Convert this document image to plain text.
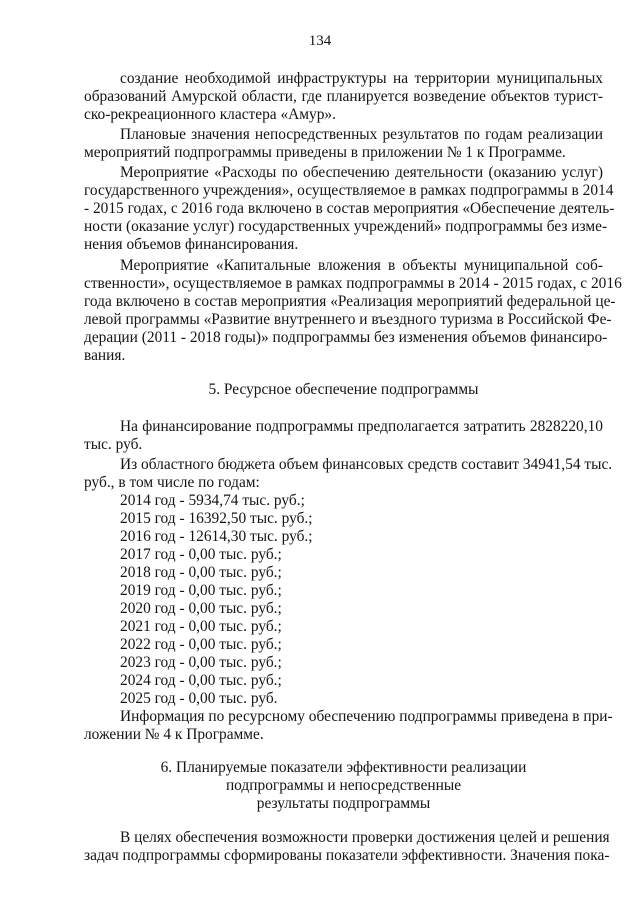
134
создание необходимой инфраструктуры на территории муниципальных
образований Амурской области, где планируется возведение объектов турист-
ско-рекреационного кластера «Амур».
Плановые значения непосредственных результатов по годам реализации
мероприятий подпрограммы приведены в приложении № 1 к Программе.
Мероприятие «Расходы по обеспечению деятельности (оказанию услуг)
государственного учреждения», осуществляемое в рамках подпрограммы в 2014
- 2015 годах, с 2016 года включено в состав мероприятия «Обеспечение деятель-
ности (оказание услуг) государственных учреждений» подпрограммы без изме-
нения объемов финансирования.
Мероприятие «Капитальные вложения в объекты муниципальной соб-
ственности», осуществляемое в рамках подпрограммы в 2014 - 2015 годах, с 2016
года включено в состав мероприятия «Реализация мероприятий федеральной це-
левой программы «Развитие внутреннего и въездного туризма в Российской Фе-
дерации (2011 - 2018 годы)» подпрограммы без изменения объемов финансиро-
вания.
5. Ресурсное обеспечение подпрограммы
На финансирование подпрограммы предполагается затратить 2828220,10
тыс. руб.
Из областного бюджета объем финансовых средств составит 34941,54 тыс.
руб., в том числе по годам:
2014 год - 5934,74 тыс. руб.;
2015 год - 16392,50 тыс. руб.;
2016 год - 12614,30 тыс. руб.;
2017 год - 0,00 тыс. руб.;
2018 год - 0,00 тыс. руб.;
2019 год - 0,00 тыс. руб.;
2020 год - 0,00 тыс. руб.;
2021 год - 0,00 тыс. руб.;
2022 год - 0,00 тыс. руб.;
2023 год - 0,00 тыс. руб.;
2024 год - 0,00 тыс. руб.;
2025 год - 0,00 тыс. руб.
Информация по ресурсному обеспечению подпрограммы приведена в при-
ложении № 4 к Программе.
6. Планируемые показатели эффективности реализации
подпрограммы и непосредственные
результаты подпрограммы
В целях обеспечения возможности проверки достижения целей и решения
задач подпрограммы сформированы показатели эффективности. Значения пока-
